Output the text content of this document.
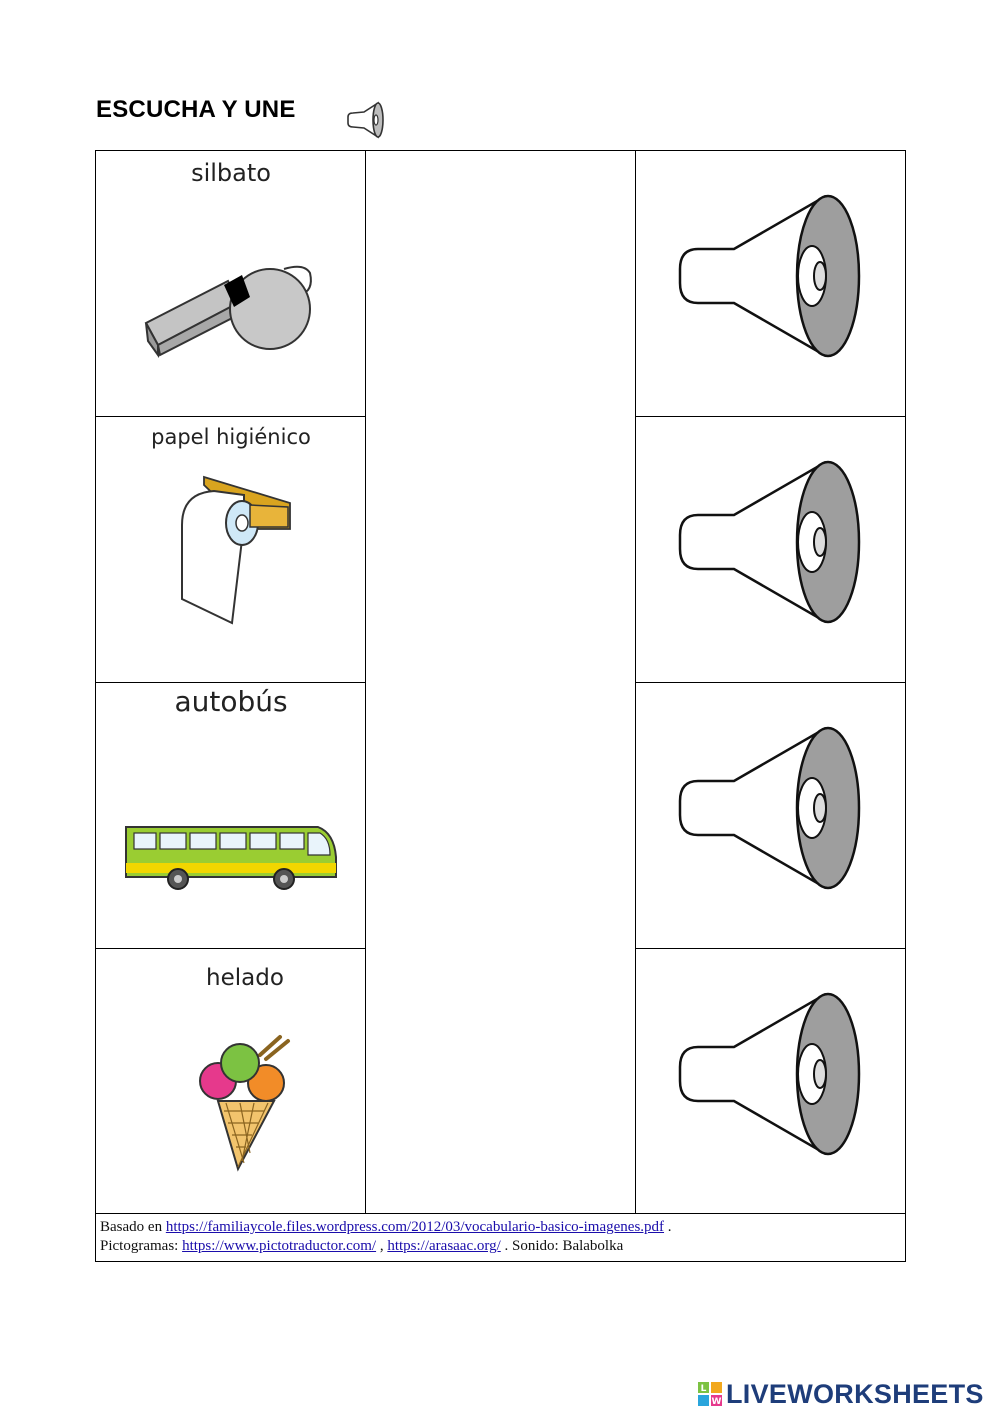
ESCUCHA Y UNE
silbato
papel higiénico
autobús
helado
Basado en https://familiaycole.files.wordpress.com/2012/03/vocabulario-basico-imagenes.pdf .
Pictogramas: https://www.pictotraductor.com/ , https://arasaac.org/ . Sonido: Balabolka
L
W LIVEWORKSHEETS
